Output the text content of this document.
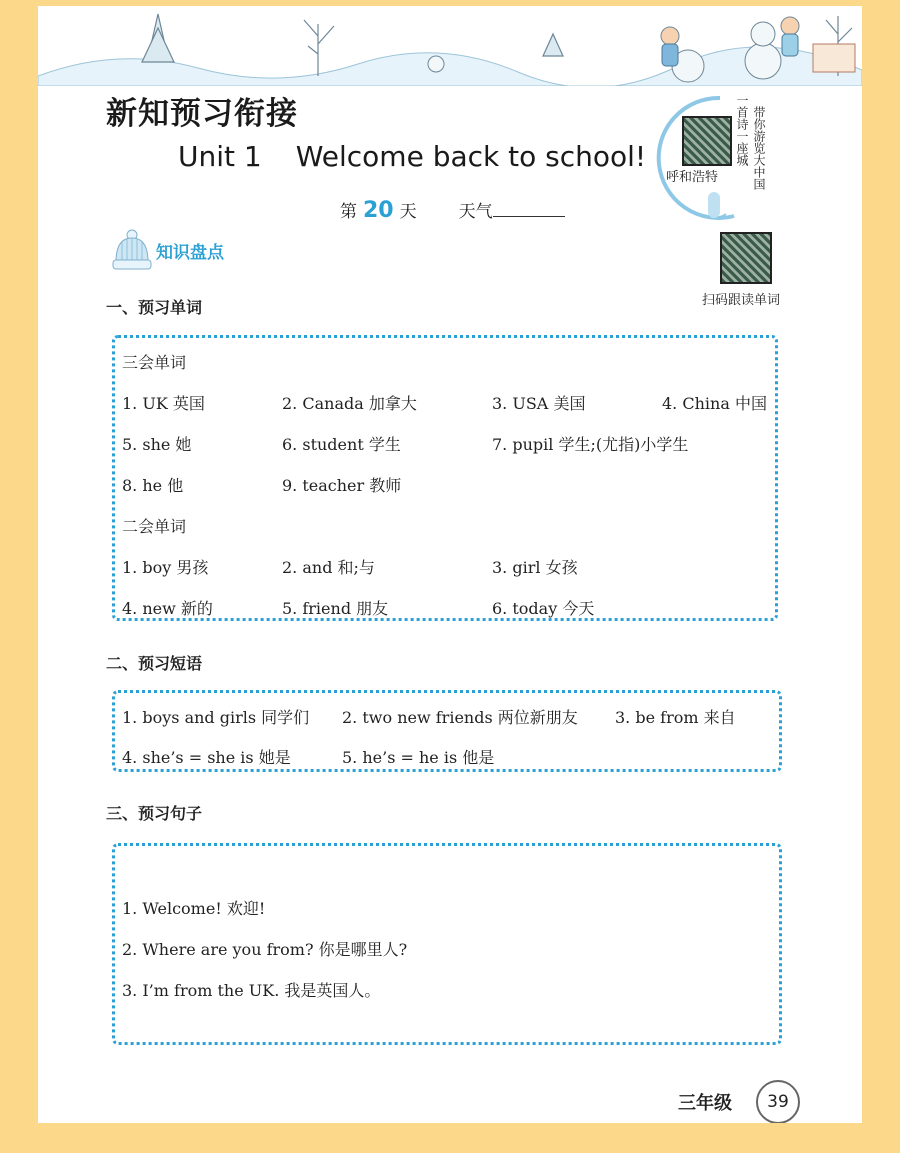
新知预习衔接
Unit 1 Welcome back to school!
第 20 天 天气
呼和浩特	带你游览大中国
一首诗一座城
知识盘点
扫码跟读单词
一、预习单词
三会单词
1. UK 英国	2. Canada 加拿大	3. USA 美国	4. China 中国
5. she 她	6. student 学生	7. pupil 学生;(尤指)小学生
8. he 他	9. teacher 教师
二会单词
1. boy 男孩	2. and 和;与	3. girl 女孩
4. new 新的	5. friend 朋友	6. today 今天
二、预习短语
1. boys and girls 同学们 2. two new friends 两位新朋友 3. be from 来自
4. she’s = she is 她是	5. he’s = he is 他是
三、预习句子
1. Welcome! 欢迎!
2. Where are you from? 你是哪里人?
3. I’m from the UK. 我是英国人。
三年级	39
